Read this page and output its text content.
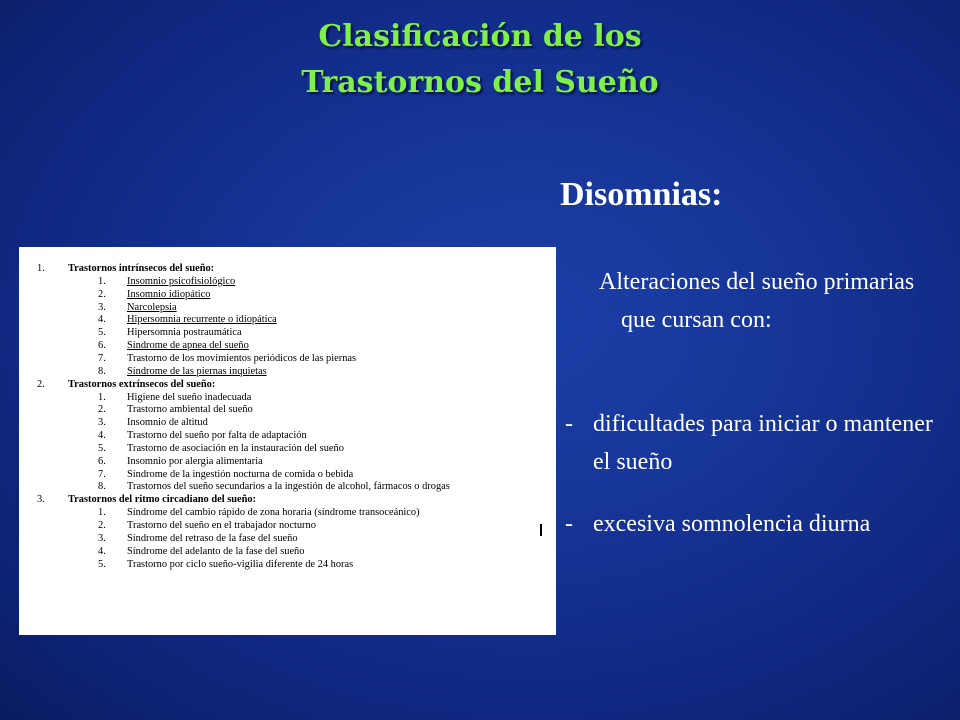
Clasificación de los
Trastornos del Sueño
Disomnias:
Alteraciones del sueño primarias que cursan con:
- dificultades para iniciar o mantener el sueño
- excesiva somnolencia diurna
1. Trastornos intrínsecos del sueño:
1. Insomnio psicofisiológico
2. Insomnio idiopático
3. Narcolepsia
4. Hipersomnia recurrente o idiopática
5. Hipersomnia postraumática
6. Síndrome de apnea del sueño
7. Trastorno de los movimientos periódicos de las piernas
8. Síndrome de las piernas inquietas
2. Trastornos extrínsecos del sueño:
1. Higiene del sueño inadecuada
2. Trastorno ambiental del sueño
3. Insomnio de altitud
4. Trastorno del sueño por falta de adaptación
5. Trastorno de asociación en la instauración del sueño
6. Insomnio por alergia alimentaria
7. Síndrome de la ingestión nocturna de comida o bebida
8. Trastornos del sueño secundarios a la ingestión de alcohol, fármacos o drogas
3. Trastornos del ritmo circadiano del sueño:
1. Síndrome del cambio rápido de zona horaria (síndrome transoceánico)
2. Trastorno del sueño en el trabajador nocturno
3. Síndrome del retraso de la fase del sueño
4. Síndrome del adelanto de la fase del sueño
5. Trastorno por ciclo sueño-vigilia diferente de 24 horas
